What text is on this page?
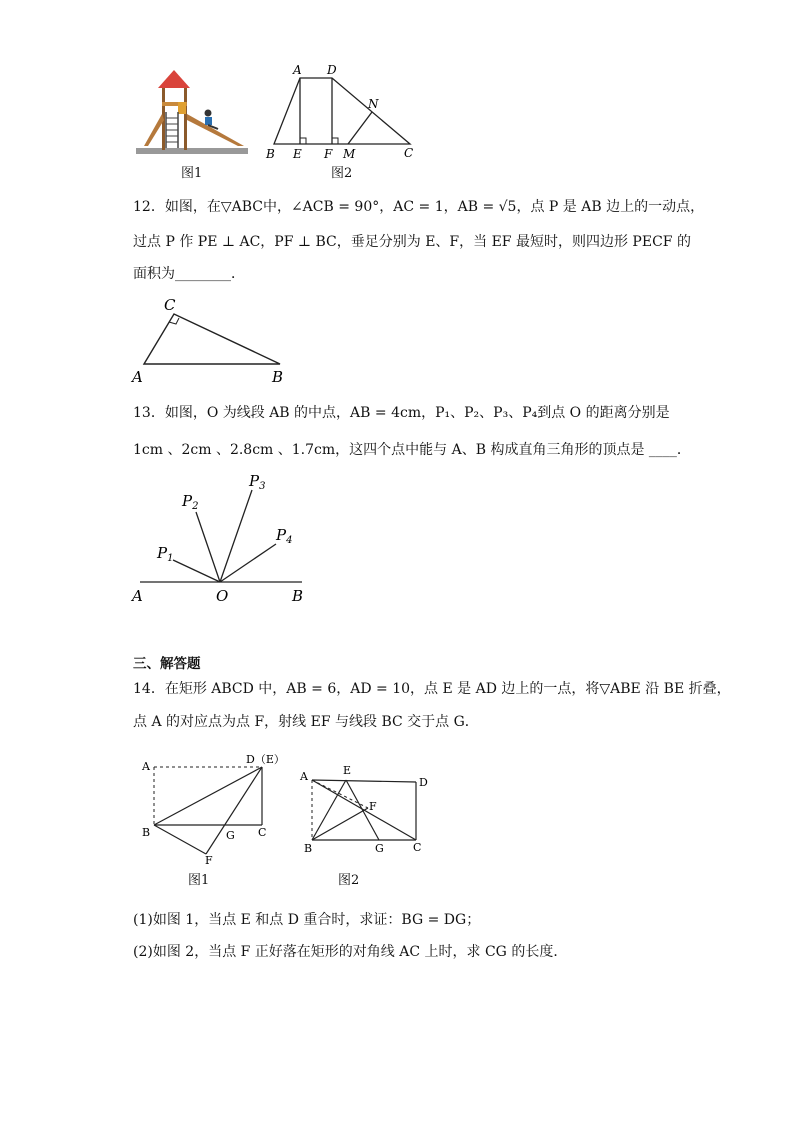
图1
A D
N
B E F M	C
图2
12．如图，在▽ABC中，∠ACB = 90°，AC = 1，AB = √5，点 P 是 AB 边上的一动点，
过点 P 作 PE ⊥ AC，PF ⊥ BC，垂足分别为 E、F，当 EF 最短时，则四边形 PECF 的
面积为________．
C
A	B
13．如图，O 为线段 AB 的中点，AB = 4cm，P₁、P₂、P₃、P₄到点 O 的距离分别是
1cm 、2cm 、2.8cm 、1.7cm，这四个点中能与 A、B 构成直角三角形的顶点是 ____．
$P_1$
$P_2$
$P_3$
$P_4$
A	O	B
三、解答题
14．在矩形 ABCD 中，AB = 6，AD = 10，点 E 是 AD 边上的一点，将▽ABE 沿 BE 折叠，
点 A 的对应点为点 F，射线 EF 与线段 BC 交于点 G．
A
D（E）
B	G C
F
图1
A	E
D
F
B	G	C
图2
(1)如图 1，当点 E 和点 D 重合时，求证：BG = DG；
(2)如图 2，当点 F 正好落在矩形的对角线 AC 上时，求 CG 的长度．
